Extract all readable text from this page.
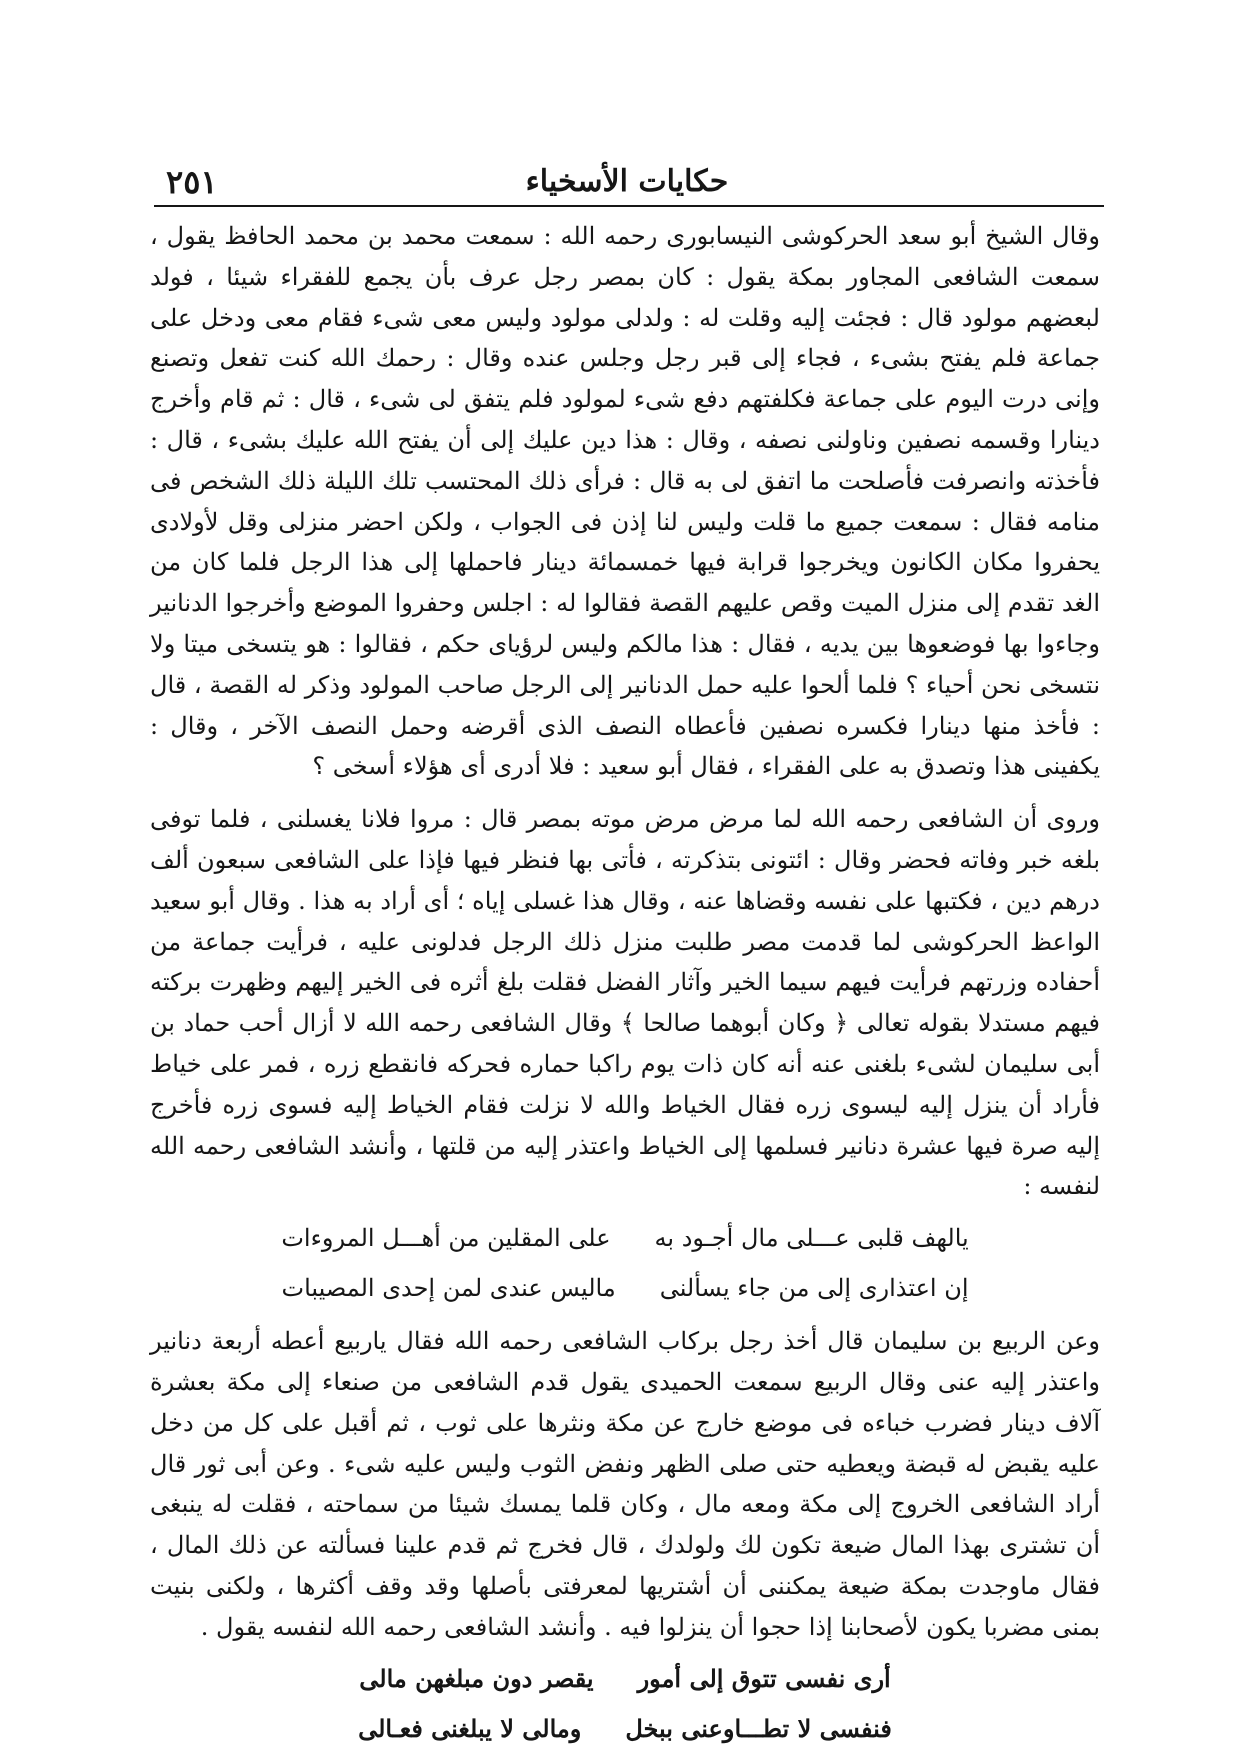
حكايات الأسخياء
٢٥١

وقال الشيخ أبو سعد الحركوشى النيسابورى رحمه الله : سمعت محمد بن محمد الحافظ يقول ، سمعت الشافعى المجاور بمكة يقول : كان بمصر رجل عرف بأن يجمع للفقراء شيئا ، فولد لبعضهم مولود قال : فجئت إليه وقلت له : ولدلى مولود وليس معى شىء فقام معى ودخل على جماعة فلم يفتح بشىء ، فجاء إلى قبر رجل وجلس عنده وقال : رحمك الله كنت تفعل وتصنع وإنى درت اليوم على جماعة فكلفتهم دفع شىء لمولود فلم يتفق لى شىء ، قال : ثم قام وأخرج دينارا وقسمه نصفين وناولنى نصفه ، وقال : هذا دين عليك إلى أن يفتح الله عليك بشىء ، قال : فأخذته وانصرفت فأصلحت ما اتفق لى به قال : فرأى ذلك المحتسب تلك الليلة ذلك الشخص فى منامه فقال : سمعت جميع ما قلت وليس لنا إذن فى الجواب ، ولكن احضر منزلى وقل لأولادى يحفروا مكان الكانون ويخرجوا قرابة فيها خمسمائة دينار فاحملها إلى هذا الرجل فلما كان من الغد تقدم إلى منزل الميت وقص عليهم القصة فقالوا له : اجلس وحفروا الموضع وأخرجوا الدنانير وجاءوا بها فوضعوها بين يديه ، فقال : هذا مالكم وليس لرؤياى حكم ، فقالوا : هو يتسخى ميتا ولا نتسخى نحن أحياء ؟ فلما ألحوا عليه حمل الدنانير إلى الرجل صاحب المولود وذكر له القصة ، قال : فأخذ منها دينارا فكسره نصفين فأعطاه النصف الذى أقرضه وحمل النصف الآخر ، وقال : يكفينى هذا وتصدق به على الفقراء ، فقال أبو سعيد : فلا أدرى أى هؤلاء أسخى ؟

وروى أن الشافعى رحمه الله لما مرض مرض موته بمصر قال : مروا فلانا يغسلنى ، فلما توفى بلغه خبر وفاته فحضر وقال : ائتونى بتذكرته ، فأتى بها فنظر فيها فإذا على الشافعى سبعون ألف درهم دين ، فكتبها على نفسه وقضاها عنه ، وقال هذا غسلى إياه ؛ أى أراد به هذا . وقال أبو سعيد الواعظ الحركوشى لما قدمت مصر طلبت منزل ذلك الرجل فدلونى عليه ، فرأيت جماعة من أحفاده وزرتهم فرأيت فيهم سيما الخير وآثار الفضل فقلت بلغ أثره فى الخير إليهم وظهرت بركته فيهم مستدلا بقوله تعالى ﴿ وكان أبوهما صالحا ﴾ وقال الشافعى رحمه الله لا أزال أحب حماد بن أبى سليمان لشىء بلغنى عنه أنه كان ذات يوم راكبا حماره فحركه فانقطع زره ، فمر على خياط فأراد أن ينزل إليه ليسوى زره فقال الخياط والله لا نزلت فقام الخياط إليه فسوى زره فأخرج إليه صرة فيها عشرة دنانير فسلمها إلى الخياط واعتذر إليه من قلتها ، وأنشد الشافعى رحمه الله لنفسه :

يالهف قلبى عـــلى مال أجـود به
على المقلين من أهـــل المروءات
إن اعتذارى إلى من جاء يسألنى
ماليس عندى لمن إحدى المصيبات

وعن الربيع بن سليمان قال أخذ رجل بركاب الشافعى رحمه الله فقال ياربيع أعطه أربعة دنانير واعتذر إليه عنى وقال الربيع سمعت الحميدى يقول قدم الشافعى من صنعاء إلى مكة بعشرة آلاف دينار فضرب خباءه فى موضع خارج عن مكة ونثرها على ثوب ، ثم أقبل على كل من دخل عليه يقبض له قبضة ويعطيه حتى صلى الظهر ونفض الثوب وليس عليه شىء . وعن أبى ثور قال أراد الشافعى الخروج إلى مكة ومعه مال ، وكان قلما يمسك شيئا من سماحته ، فقلت له ينبغى أن تشترى بهذا المال ضيعة تكون لك ولولدك ، قال فخرج ثم قدم علينا فسألته عن ذلك المال ، فقال ماوجدت بمكة ضيعة يمكننى أن أشتريها لمعرفتى بأصلها وقد وقف أكثرها ، ولكنى بنيت بمنى مضربا يكون لأصحابنا إذا حجوا أن ينزلوا فيه . وأنشد الشافعى رحمه الله لنفسه يقول .

أرى نفسى تتوق إلى أمور
يقصر دون مبلغهن مالى
فنفسى لا تطـــاوعنى ببخل
ومالى لا يبلغنى فعـالى
